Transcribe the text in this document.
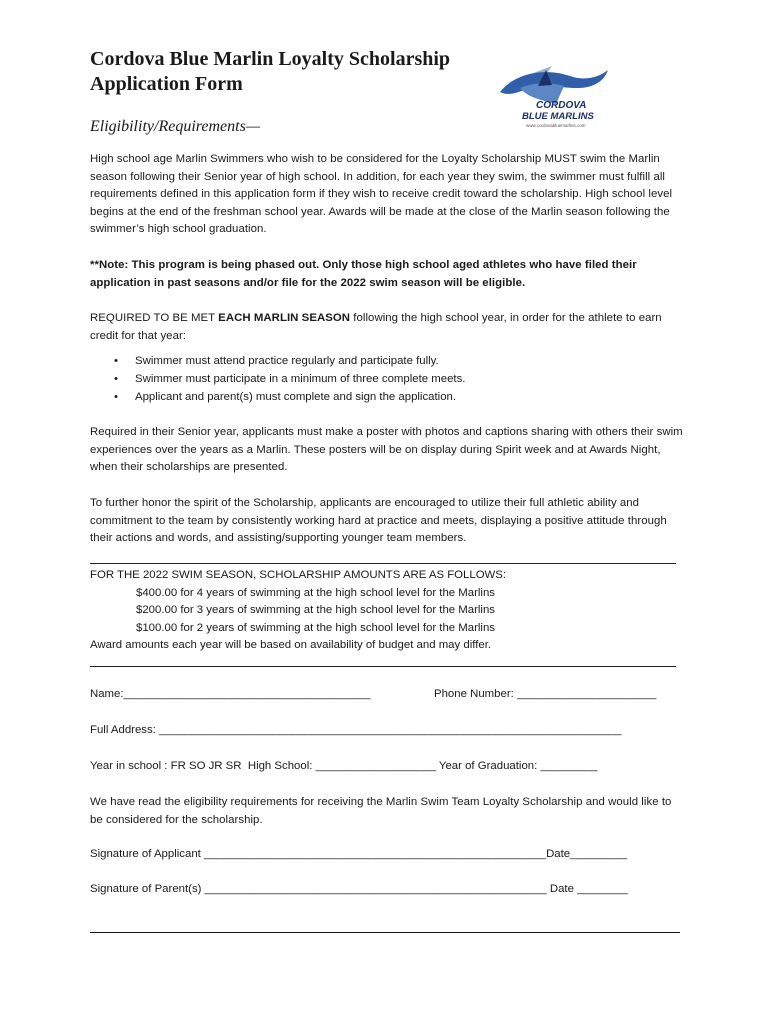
Cordova Blue Marlin Loyalty Scholarship
Application Form
CORDOVA
BLUE MARLINS
www.cordovabluemarlins.com
Eligibility/Requirements—

High school age Marlin Swimmers who wish to be considered for the Loyalty Scholarship MUST swim the Marlin season following their Senior year of high school. In addition, for each year they swim, the swimmer must fulfill all requirements defined in this application form if they wish to receive credit toward the scholarship. High school level begins at the end of the freshman school year. Awards will be made at the close of the Marlin season following the swimmer’s high school graduation.

**Note: This program is being phased out. Only those high school aged athletes who have filed their application in past seasons and/or file for the 2022 swim season will be eligible.

REQUIRED TO BE MET EACH MARLIN SEASON following the high school year, in order for the athlete to earn credit for that year:

• Swimmer must attend practice regularly and participate fully.
• Swimmer must participate in a minimum of three complete meets.
• Applicant and parent(s) must complete and sign the application.

Required in their Senior year, applicants must make a poster with photos and captions sharing with others their swim experiences over the years as a Marlin. These posters will be on display during Spirit week and at Awards Night, when their scholarships are presented.

To further honor the spirit of the Scholarship, applicants are encouraged to utilize their full athletic ability and commitment to the team by consistently working hard at practice and meets, displaying a positive attitude through their actions and words, and assisting/supporting younger team members.

FOR THE 2022 SWIM SEASON, SCHOLARSHIP AMOUNTS ARE AS FOLLOWS:
$400.00 for 4 years of swimming at the high school level for the Marlins
$200.00 for 3 years of swimming at the high school level for the Marlins
$100.00 for 2 years of swimming at the high school level for the Marlins
Award amounts each year will be based on availability of budget and may differ.
Name:_______________________________________	Phone Number: ______________________
Full Address: _________________________________________________________________________
Year in school : FR SO JR SR  High School: ___________________ Year of Graduation: _________

We have read the eligibility requirements for receiving the Marlin Swim Team Loyalty Scholarship and would like to be considered for the scholarship.

Signature of Applicant ______________________________________________________Date_________
Signature of Parent(s) ______________________________________________________ Date ________
